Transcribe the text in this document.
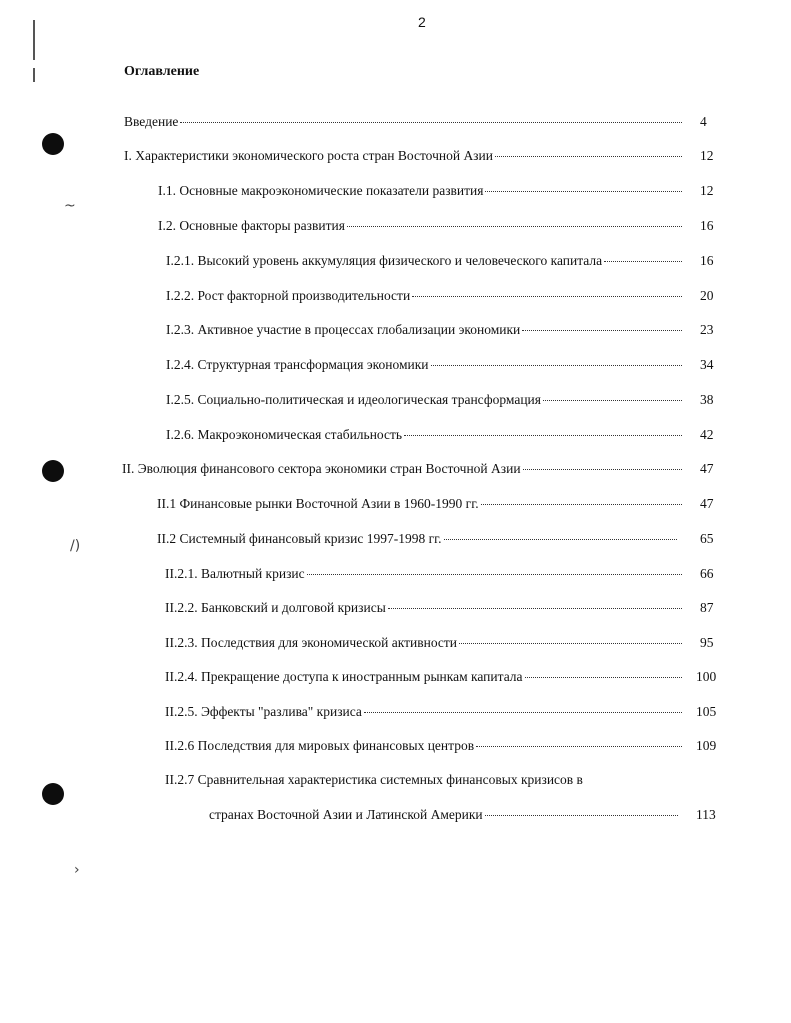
~
/)
›
2
Оглавление
Введение	4
I. Характеристики экономического роста стран Восточной Азии	12
I.1. Основные макроэкономические показатели развития	12
I.2. Основные факторы развития	16
I.2.1. Высокий уровень аккумуляция физического и человеческого капитала	16
I.2.2. Рост факторной производительности	20
I.2.3. Активное участие в процессах глобализации экономики	23
I.2.4. Структурная трансформация экономики	34
I.2.5. Социально-политическая и идеологическая трансформация	38
I.2.6. Макроэкономическая стабильность	42
II. Эволюция финансового сектора экономики стран Восточной Азии	47
II.1 Финансовые рынки Восточной Азии в 1960-1990 гг.	47
II.2 Системный финансовый кризис 1997-1998 гг.	65
II.2.1. Валютный кризис	66
II.2.2. Банковский и долговой кризисы	87
II.2.3. Последствия для экономической активности	95
II.2.4. Прекращение доступа к иностранным рынкам капитала	100
II.2.5. Эффекты "разлива" кризиса	105
II.2.6 Последствия для мировых финансовых центров	109
II.2.7 Сравнительная характеристика системных финансовых кризисов в
странах Восточной Азии и Латинской Америки	113
